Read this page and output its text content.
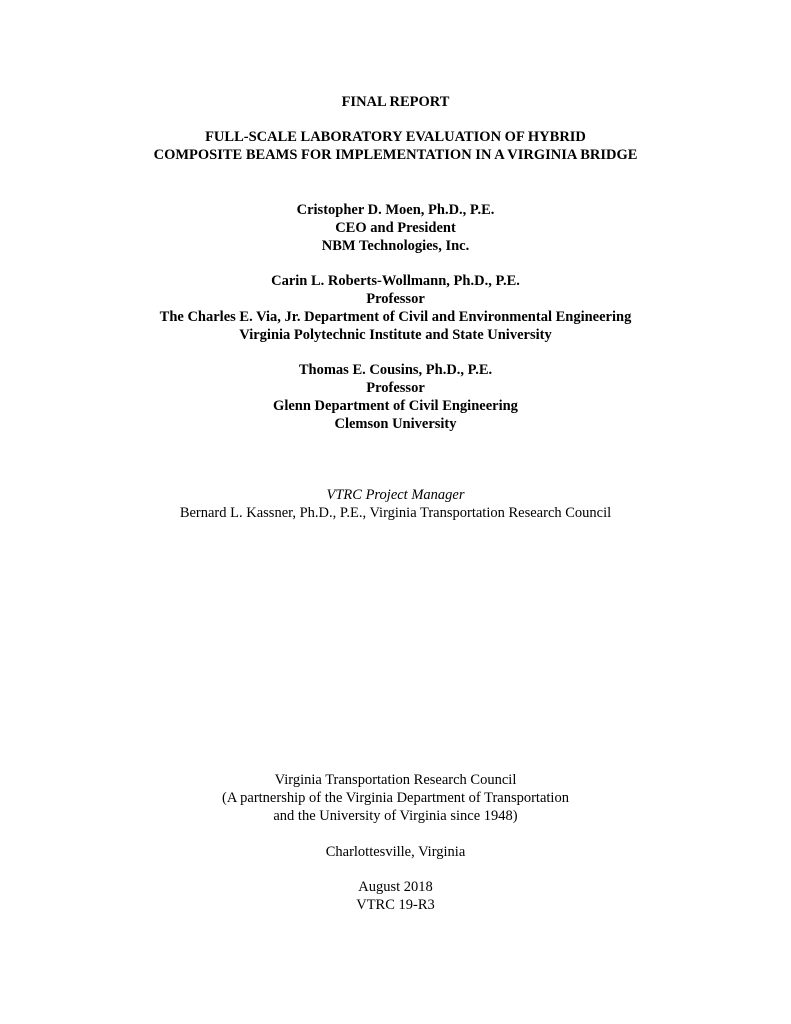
FINAL REPORT
FULL-SCALE LABORATORY EVALUATION OF HYBRID
COMPOSITE BEAMS FOR IMPLEMENTATION IN A VIRGINIA BRIDGE
Cristopher D. Moen, Ph.D., P.E.
CEO and President
NBM Technologies, Inc.
Carin L. Roberts-Wollmann, Ph.D., P.E.
Professor
The Charles E. Via, Jr. Department of Civil and Environmental Engineering
Virginia Polytechnic Institute and State University
Thomas E. Cousins, Ph.D., P.E.
Professor
Glenn Department of Civil Engineering
Clemson University
VTRC Project Manager
Bernard L. Kassner, Ph.D., P.E., Virginia Transportation Research Council
Virginia Transportation Research Council
(A partnership of the Virginia Department of Transportation
and the University of Virginia since 1948)
Charlottesville, Virginia
August 2018
VTRC 19-R3
